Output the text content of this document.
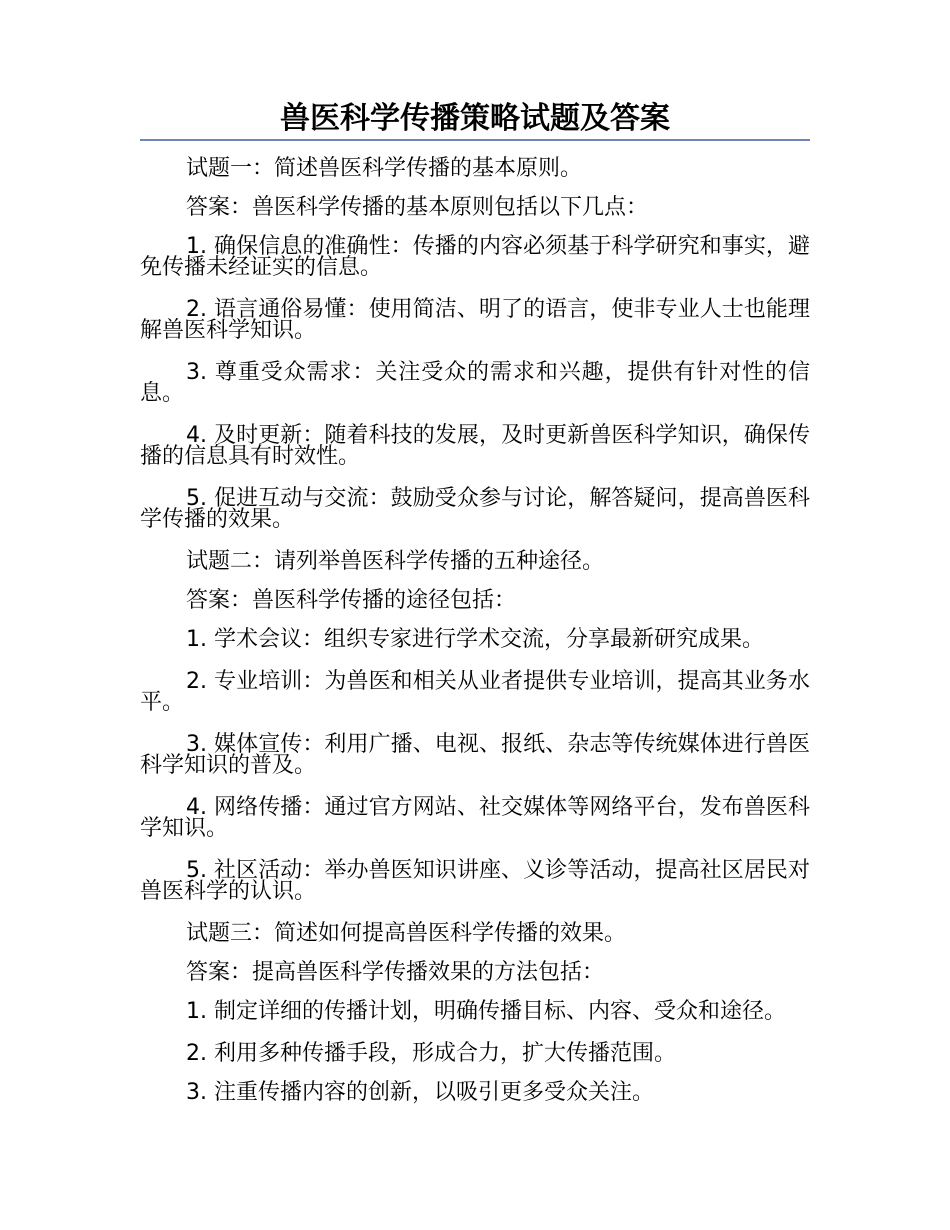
兽医科学传播策略试题及答案

试题一：简述兽医科学传播的基本原则。

答案：兽医科学传播的基本原则包括以下几点：

1. 确保信息的准确性：传播的内容必须基于科学研究和事实，避免传播未经证实的信息。

2. 语言通俗易懂：使用简洁、明了的语言，使非专业人士也能理解兽医科学知识。

3. 尊重受众需求：关注受众的需求和兴趣，提供有针对性的信息。

4. 及时更新：随着科技的发展，及时更新兽医科学知识，确保传播的信息具有时效性。

5. 促进互动与交流：鼓励受众参与讨论，解答疑问，提高兽医科学传播的效果。

试题二：请列举兽医科学传播的五种途径。

答案：兽医科学传播的途径包括：

1. 学术会议：组织专家进行学术交流，分享最新研究成果。

2. 专业培训：为兽医和相关从业者提供专业培训，提高其业务水平。

3. 媒体宣传：利用广播、电视、报纸、杂志等传统媒体进行兽医科学知识的普及。

4. 网络传播：通过官方网站、社交媒体等网络平台，发布兽医科学知识。

5. 社区活动：举办兽医知识讲座、义诊等活动，提高社区居民对兽医科学的认识。

试题三：简述如何提高兽医科学传播的效果。

答案：提高兽医科学传播效果的方法包括：

1. 制定详细的传播计划，明确传播目标、内容、受众和途径。

2. 利用多种传播手段，形成合力，扩大传播范围。

3. 注重传播内容的创新，以吸引更多受众关注。
